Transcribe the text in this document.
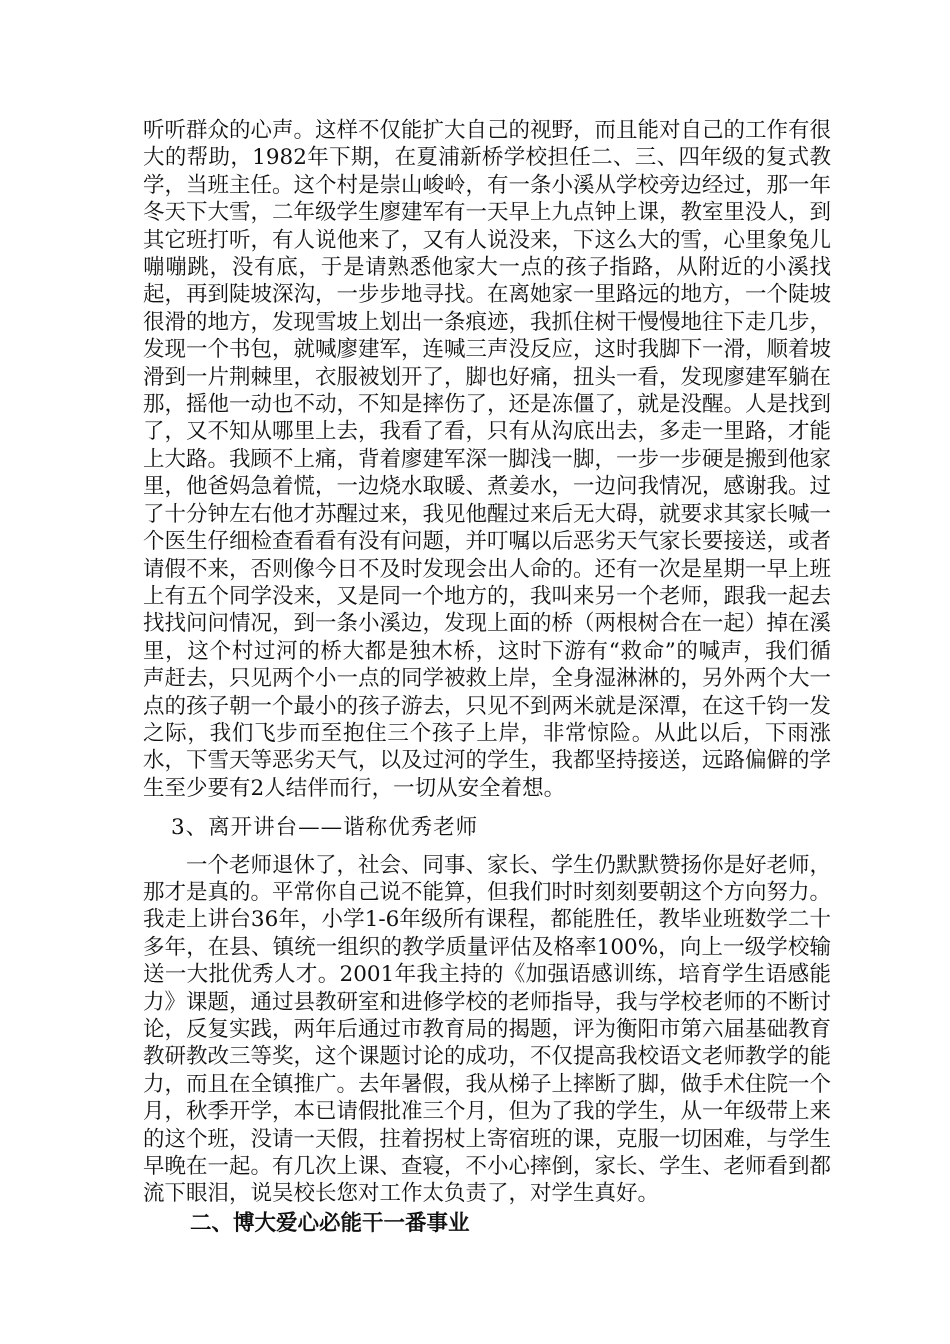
听听群众的心声。这样不仅能扩大自己的视野，而且能对自己的工作有很大的帮助，1982年下期，在夏浦新桥学校担任二、三、四年级的复式教学，当班主任。这个村是崇山峻岭，有一条小溪从学校旁边经过，那一年冬天下大雪，二年级学生廖建军有一天早上九点钟上课，教室里没人，到其它班打听，有人说他来了，又有人说没来，下这么大的雪，心里象兔儿嘣嘣跳，没有底，于是请熟悉他家大一点的孩子指路，从附近的小溪找起，再到陡坡深沟，一步步地寻找。在离她家一里路远的地方，一个陡坡很滑的地方，发现雪坡上划出一条痕迹，我抓住树干慢慢地往下走几步，发现一个书包，就喊廖建军，连喊三声没反应，这时我脚下一滑，顺着坡滑到一片荆棘里，衣服被划开了，脚也好痛，扭头一看，发现廖建军躺在那，摇他一动也不动，不知是摔伤了，还是冻僵了，就是没醒。人是找到了，又不知从哪里上去，我看了看，只有从沟底出去，多走一里路，才能上大路。我顾不上痛，背着廖建军深一脚浅一脚，一步一步硬是搬到他家里，他爸妈急着慌，一边烧水取暖、煮姜水，一边问我情况，感谢我。过了十分钟左右他才苏醒过来，我见他醒过来后无大碍，就要求其家长喊一个医生仔细检查看看有没有问题，并叮嘱以后恶劣天气家长要接送，或者请假不来，否则像今日不及时发现会出人命的。还有一次是星期一早上班上有五个同学没来，又是同一个地方的，我叫来另一个老师，跟我一起去找找问问情况，到一条小溪边，发现上面的桥（两根树合在一起）掉在溪里，这个村过河的桥大都是独木桥，这时下游有“救命”的喊声，我们循声赶去，只见两个小一点的同学被救上岸，全身湿淋淋的，另外两个大一点的孩子朝一个最小的孩子游去，只见不到两米就是深潭，在这千钧一发之际，我们飞步而至抱住三个孩子上岸，非常惊险。从此以后，下雨涨水，下雪天等恶劣天气，以及过河的学生，我都坚持接送，远路偏僻的学生至少要有2人结伴而行，一切从安全着想。

3、离开讲台——谐称优秀老师

一个老师退休了，社会、同事、家长、学生仍默默赞扬你是好老师，那才是真的。平常你自己说不能算，但我们时时刻刻要朝这个方向努力。我走上讲台36年，小学1-6年级所有课程，都能胜任，教毕业班数学二十多年，在县、镇统一组织的教学质量评估及格率100%，向上一级学校输送一大批优秀人才。2001年我主持的《加强语感训练，培育学生语感能力》课题，通过县教研室和进修学校的老师指导，我与学校老师的不断讨论，反复实践，两年后通过市教育局的揭题，评为衡阳市第六届基础教育教研教改三等奖，这个课题讨论的成功，不仅提高我校语文老师教学的能力，而且在全镇推广。去年暑假，我从梯子上摔断了脚，做手术住院一个月，秋季开学，本已请假批准三个月，但为了我的学生，从一年级带上来的这个班，没请一天假，拄着拐杖上寄宿班的课，克服一切困难，与学生早晚在一起。有几次上课、查寝，不小心摔倒，家长、学生、老师看到都流下眼泪，说吴校长您对工作太负责了，对学生真好。

二、博大爱心必能干一番事业
